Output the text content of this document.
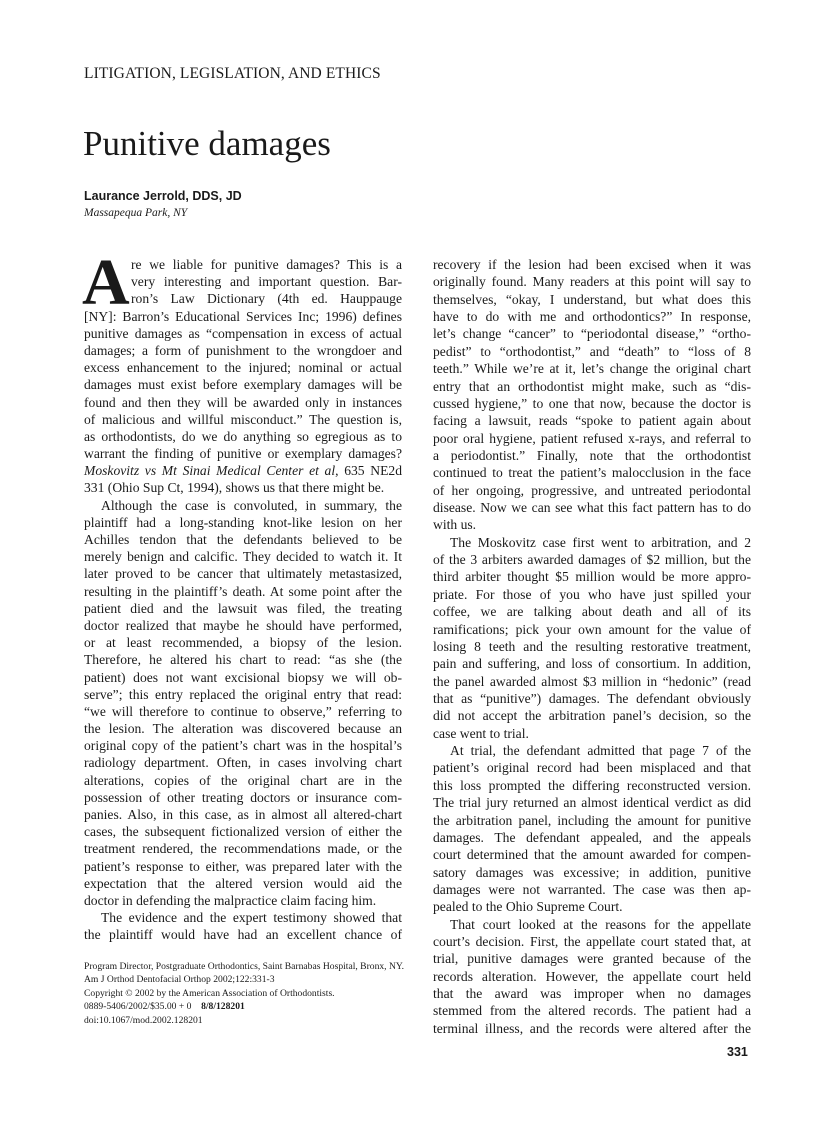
LITIGATION, LEGISLATION, AND ETHICS
Punitive damages
Laurance Jerrold, DDS, JD
Massapequa Park, NY
A re we liable for punitive damages? This is a
very interesting and important question. Bar-
ron’s Law Dictionary (4th ed. Hauppauge
[NY]: Barron’s Educational Services Inc; 1996) defines
punitive damages as “compensation in excess of actual
damages; a form of punishment to the wrongdoer and
excess enhancement to the injured; nominal or actual
damages must exist before exemplary damages will be
found and then they will be awarded only in instances
of malicious and willful misconduct.” The question is,
as orthodontists, do we do anything so egregious as to
warrant the finding of punitive or exemplary damages?
Moskovitz vs Mt Sinai Medical Center et al, 635 NE2d
331 (Ohio Sup Ct, 1994), shows us that there might be.
Although the case is convoluted, in summary, the
plaintiff had a long-standing knot-like lesion on her
Achilles tendon that the defendants believed to be
merely benign and calcific. They decided to watch it. It
later proved to be cancer that ultimately metastasized,
resulting in the plaintiff’s death. At some point after the
patient died and the lawsuit was filed, the treating
doctor realized that maybe he should have performed,
or at least recommended, a biopsy of the lesion.
Therefore, he altered his chart to read: “as she (the
patient) does not want excisional biopsy we will ob-
serve”; this entry replaced the original entry that read:
“we will therefore to continue to observe,” referring to
the lesion. The alteration was discovered because an
original copy of the patient’s chart was in the hospital’s
radiology department. Often, in cases involving chart
alterations, copies of the original chart are in the
possession of other treating doctors or insurance com-
panies. Also, in this case, as in almost all altered-chart
cases, the subsequent fictionalized version of either the
treatment rendered, the recommendations made, or the
patient’s response to either, was prepared later with the
expectation that the altered version would aid the
doctor in defending the malpractice claim facing him.
The evidence and the expert testimony showed that
the plaintiff would have had an excellent chance of
recovery if the lesion had been excised when it was
originally found. Many readers at this point will say to
themselves, “okay, I understand, but what does this
have to do with me and orthodontics?” In response,
let’s change “cancer” to “periodontal disease,” “ortho-
pedist” to “orthodontist,” and “death” to “loss of 8
teeth.” While we’re at it, let’s change the original chart
entry that an orthodontist might make, such as “dis-
cussed hygiene,” to one that now, because the doctor is
facing a lawsuit, reads “spoke to patient again about
poor oral hygiene, patient refused x-rays, and referral to
a periodontist.” Finally, note that the orthodontist
continued to treat the patient’s malocclusion in the face
of her ongoing, progressive, and untreated periodontal
disease. Now we can see what this fact pattern has to do
with us.
The Moskovitz case first went to arbitration, and 2
of the 3 arbiters awarded damages of $2 million, but the
third arbiter thought $5 million would be more appro-
priate. For those of you who have just spilled your
coffee, we are talking about death and all of its
ramifications; pick your own amount for the value of
losing 8 teeth and the resulting restorative treatment,
pain and suffering, and loss of consortium. In addition,
the panel awarded almost $3 million in “hedonic” (read
that as “punitive”) damages. The defendant obviously
did not accept the arbitration panel’s decision, so the
case went to trial.
At trial, the defendant admitted that page 7 of the
patient’s original record had been misplaced and that
this loss prompted the differing reconstructed version.
The trial jury returned an almost identical verdict as did
the arbitration panel, including the amount for punitive
damages. The defendant appealed, and the appeals
court determined that the amount awarded for compen-
satory damages was excessive; in addition, punitive
damages were not warranted. The case was then ap-
pealed to the Ohio Supreme Court.
That court looked at the reasons for the appellate
court’s decision. First, the appellate court stated that, at
trial, punitive damages were granted because of the
records alteration. However, the appellate court held
that the award was improper when no damages
stemmed from the altered records. The patient had a
terminal illness, and the records were altered after the
Program Director, Postgraduate Orthodontics, Saint Barnabas Hospital, Bronx, NY.
Am J Orthod Dentofacial Orthop 2002;122:331-3
Copyright © 2002 by the American Association of Orthodontists.
0889-5406/2002/$35.00 + 0 8/8/128201
doi:10.1067/mod.2002.128201
331
